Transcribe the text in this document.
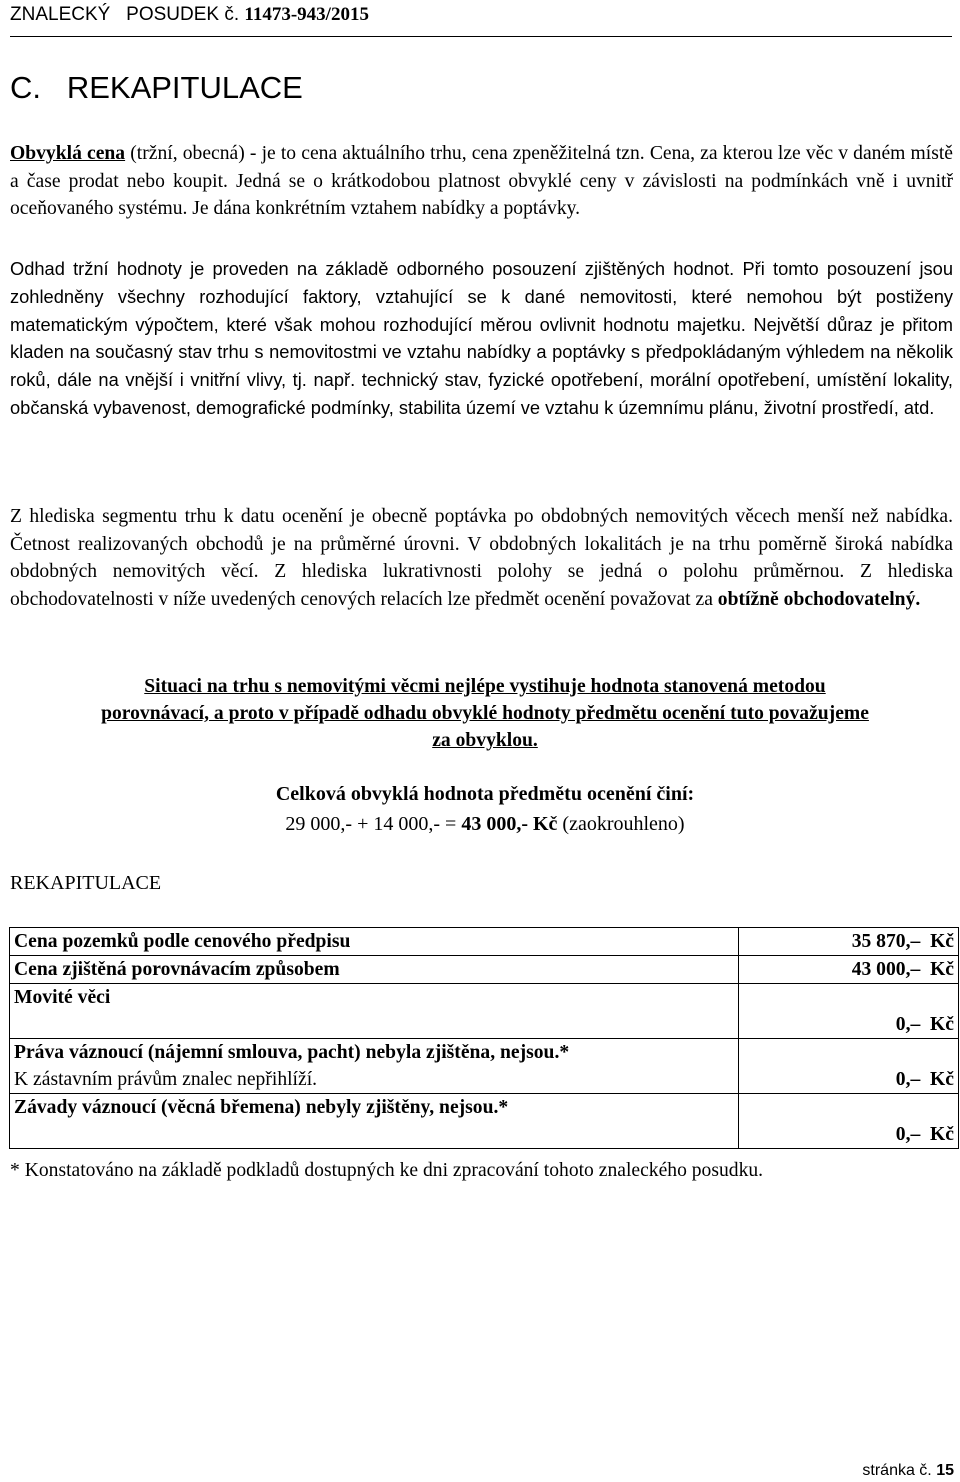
ZNALECKÝ   POSUDEK č. 11473-943/2015
C.   REKAPITULACE
Obvyklá cena (tržní, obecná) - je to cena aktuálního trhu, cena zpeněžitelná tzn. Cena, za kterou lze věc v daném místě a čase prodat nebo koupit. Jedná se o krátkodobou platnost obvyklé ceny v závislosti na podmínkách vně i uvnitř oceňovaného systému. Je dána konkrétním vztahem nabídky a poptávky.
Odhad tržní hodnoty je proveden na základě odborného posouzení zjištěných hodnot. Při tomto posouzení jsou zohledněny všechny rozhodující faktory, vztahující se k dané nemovitosti, které nemohou být postiženy matematickým výpočtem, které však mohou rozhodující měrou ovlivnit hodnotu majetku. Největší důraz je přitom kladen na současný stav trhu s nemovitostmi ve vztahu nabídky a poptávky s předpokládaným výhledem na několik roků, dále na vnější i vnitřní vlivy, tj. např. technický stav, fyzické opotřebení, morální opotřebení, umístění lokality, občanská vybavenost, demografické podmínky, stabilita území ve vztahu k územnímu plánu, životní prostředí, atd.
Z hlediska segmentu trhu k datu ocenění je obecně poptávka po obdobných nemovitých věcech menší než nabídka. Četnost realizovaných obchodů je na průměrné úrovni. V obdobných lokalitách je na trhu poměrně široká nabídka obdobných nemovitých věcí. Z hlediska lukrativnosti polohy se jedná o polohu průměrnou. Z hlediska obchodovatelnosti v níže uvedených cenových relacích lze předmět ocenění považovat za obtížně obchodovatelný.
Situaci na trhu s nemovitými věcmi nejlépe vystihuje hodnota stanovená metodou
porovnávací, a proto v případě odhadu obvyklé hodnoty předmětu ocenění tuto považujeme
za obvyklou.
Celková obvyklá hodnota předmětu ocenění činí:
29 000,- + 14 000,- = 43 000,- Kč (zaokrouhleno)
REKAPITULACE
Cena pozemků podle cenového předpisu	35 870,–  Kč
Cena zjištěná porovnávacím způsobem	43 000,–  Kč
Movité věci	0,–  Kč

Práva váznoucí (nájemní smlouva, pacht) nebyla zjištěna, nejsou.*
K zástavním právům znalec nepřihlíží.	0,–  Kč
Závady váznoucí (věcná břemena) nebyly zjištěny, nejsou.*	0,–  Kč
* Konstatováno na základě podkladů dostupných ke dni zpracování tohoto znaleckého posudku.
stránka č. 15
